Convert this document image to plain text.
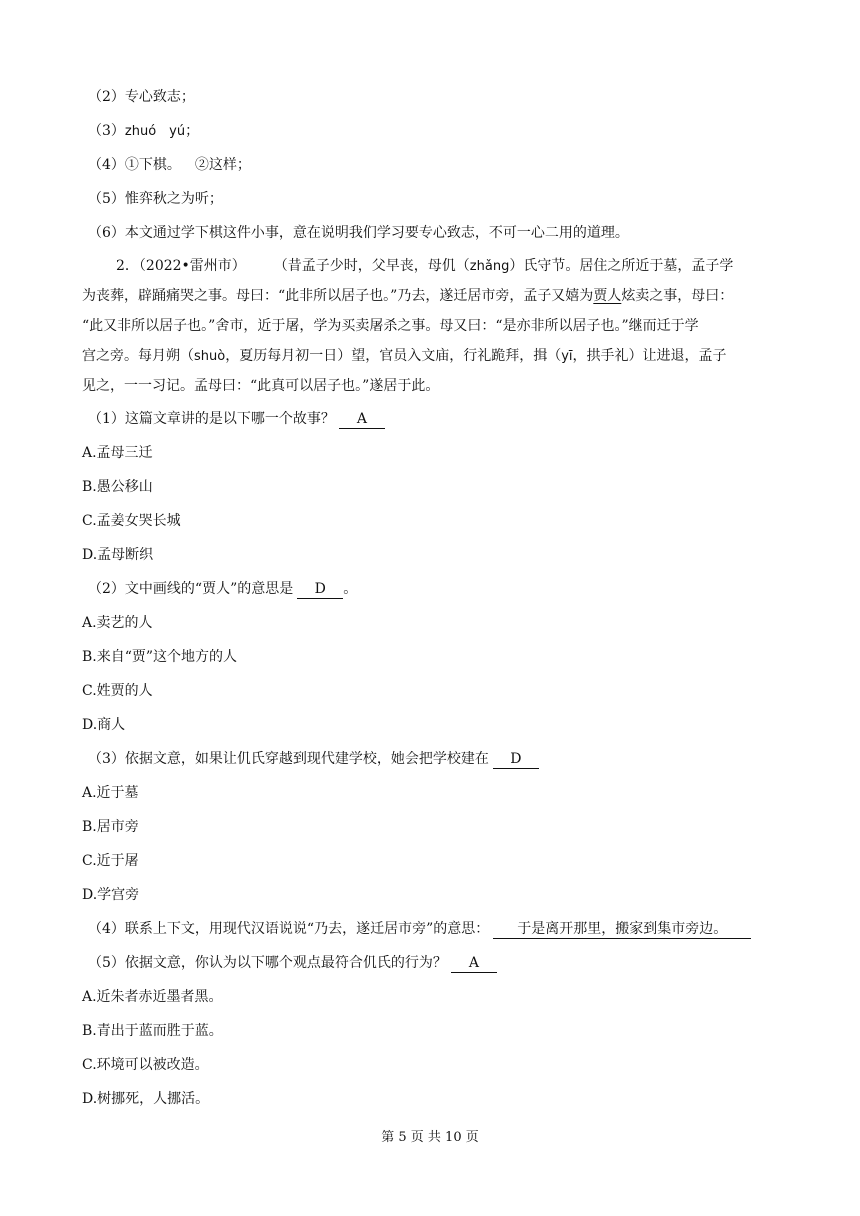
（2）专心致志；
（3）zhuó　yú；
（4）①下棋。 ②这样；
（5）惟弈秋之为听；
（6）本文通过学下棋这件小事，意在说明我们学习要专心致志，不可一心二用的道理。
2．（2022•雷州市） （昔孟子少时，父早丧，母仉（zhǎng）氏守节。居住之所近于墓，孟子学
为丧葬，辟踊痛哭之事。母曰：“此非所以居子也。”乃去，遂迁居市旁，孟子又嬉为贾人炫卖之事，母曰：
“此又非所以居子也。”舍市，近于屠，学为买卖屠杀之事。母又曰：“是亦非所以居子也。”继而迁于学
宫之旁。每月朔（shuò，夏历每月初一日）望，官员入文庙，行礼跪拜，揖（yī，拱手礼）让进退，孟子
见之，一一习记。孟母曰：“此真可以居子也。”遂居于此。
（1）这篇文章讲的是以下哪一个故事？ A
A.孟母三迁
B.愚公移山
C.孟姜女哭长城
D.孟母断织
（2）文中画线的“贾人”的意思是 D 。
A.卖艺的人
B.来自“贾”这个地方的人
C.姓贾的人
D.商人
（3）依据文意，如果让仉氏穿越到现代建学校，她会把学校建在 D
A.近于墓
B.居市旁
C.近于屠
D.学宫旁
（4）联系上下文，用现代汉语说说“乃去，遂迁居市旁”的意思： 于是离开那里，搬家到集市旁边。
（5）依据文意，你认为以下哪个观点最符合仉氏的行为？ A
A.近朱者赤近墨者黑。
B.青出于蓝而胜于蓝。
C.环境可以被改造。
D.树挪死，人挪活。
第 5 页 共 10 页
